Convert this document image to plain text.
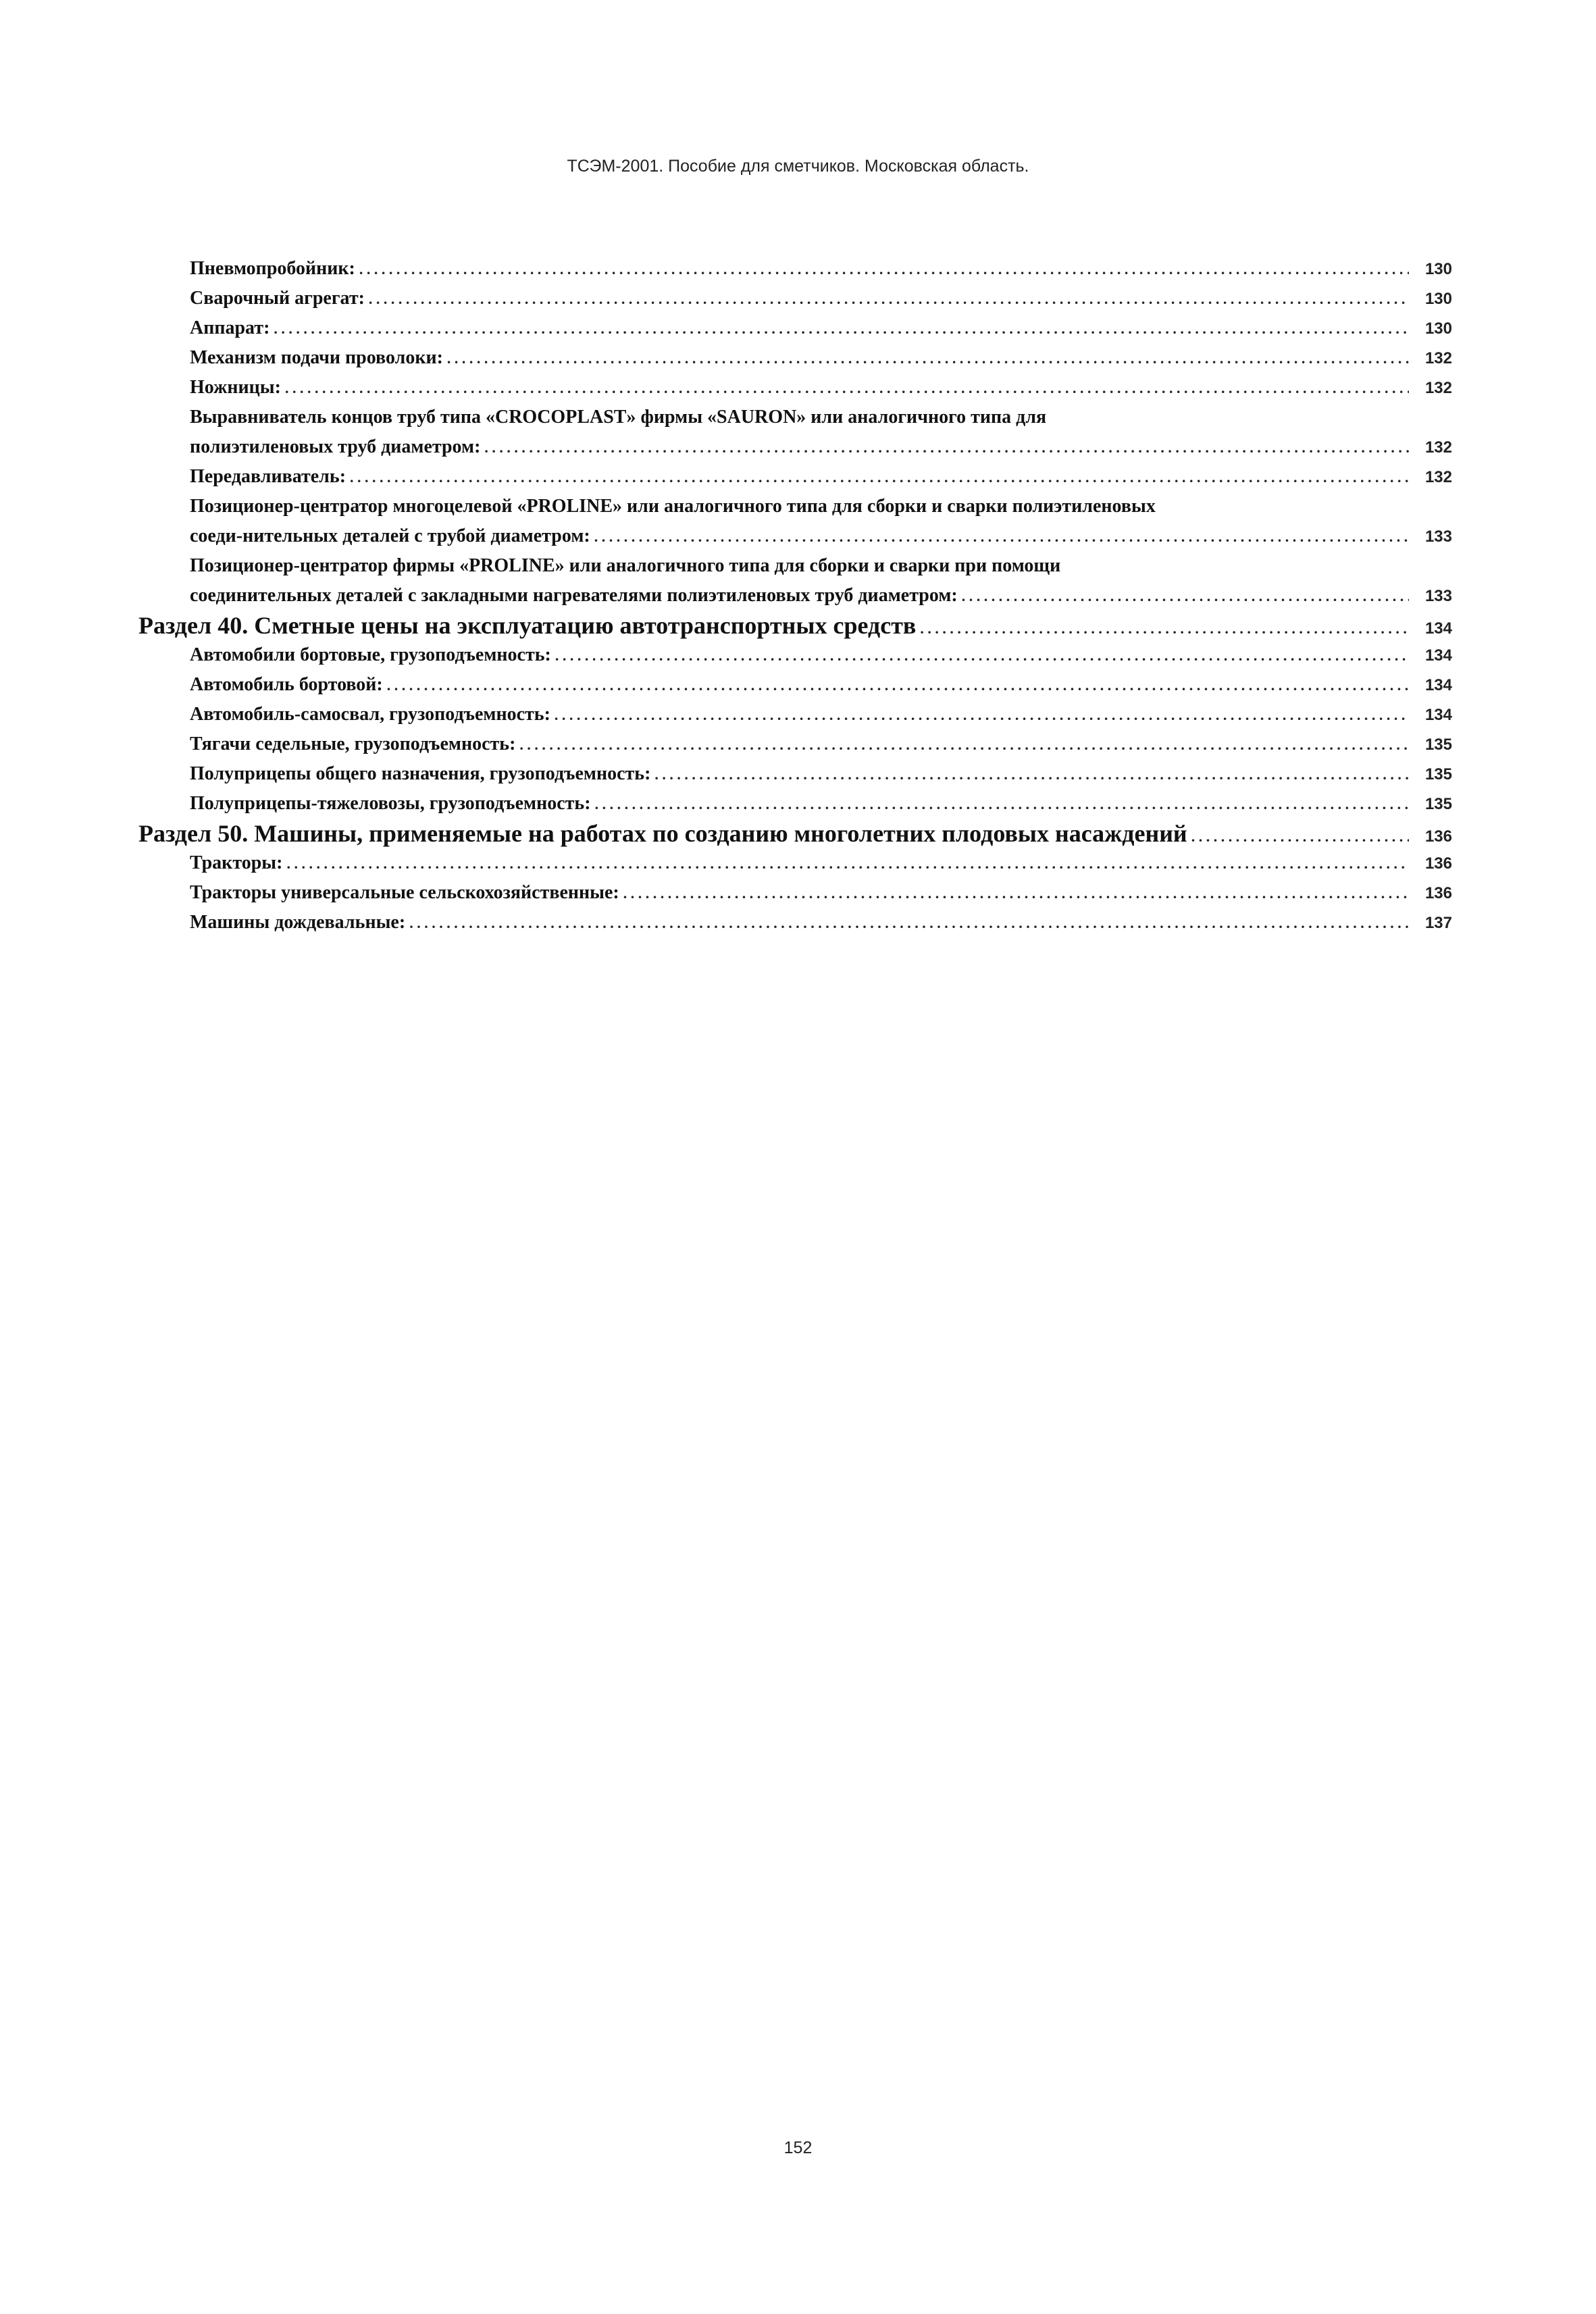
ТСЭМ-2001. Пособие для сметчиков. Московская область.
Пневмопробойник: . . .	130
Сварочный агрегат: . . .	130
Аппарат: . . .	130
Механизм подачи проволоки: . . .	132
Ножницы: . . .	132
Выравниватель концов труб типа «CROCOPLAST» фирмы «SAURON» или аналогичного типа для
полиэтиленовых труб диаметром: . . .	132
Передавливатель: . . .	132
Позиционер-центратор многоцелевой «PROLINE» или аналогичного типа для сборки и сварки полиэтиленовых
соеди-нительных деталей с трубой диаметром: . . .	133
Позиционер-центратор фирмы «PROLINE» или аналогичного типа для сборки и сварки при помощи
соединительных деталей с закладными нагревателями полиэтиленовых труб диаметром: . . .	133
Раздел 40. Сметные цены на эксплуатацию автотранспортных средств . . .	134
Автомобили бортовые, грузоподъемность: . . .	134
Автомобиль бортовой: . . .	134
Автомобиль-самосвал, грузоподъемность: . . .	134
Тягачи седельные, грузоподъемность: . . .	135
Полуприцепы общего назначения, грузоподъемность: . . .	135
Полуприцепы-тяжеловозы, грузоподъемность: . . .	135
Раздел 50. Машины, применяемые на работах по созданию многолетних плодовых насаждений . . .	136
Тракторы: . . .	136
Тракторы универсальные сельскохозяйственные: . . .	136
Машины дождевальные: . . .	137
152
